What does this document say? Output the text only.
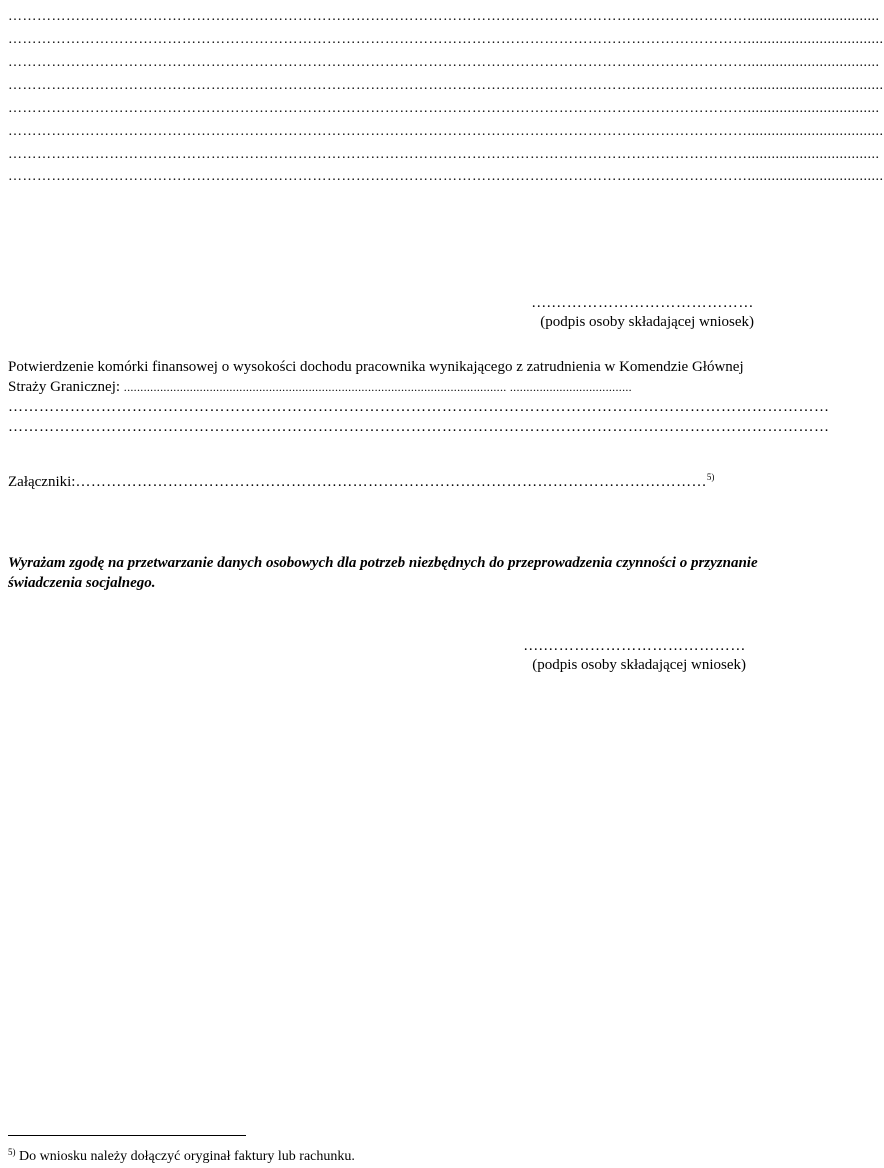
……………………………………………………………………………………………………………………………………….................................
………………………………………………………………………………………………………………………………………..................................
……………………………………………………………………………………………………………………………………….................................
………………………………………………………………………………………………………………………………………..................................
……………………………………………………………………………………………………………………………………….................................
………………………………………………………………………………………………………………………………………..................................
……………………………………………………………………………………………………………………………………….................................
………………………………………………………………………………………………………………………………………..................................
….…………………………………
(podpis osoby składającej wniosek)
Potwierdzenie komórki finansowej o wysokości dochodu pracownika wynikającego z zatrudnienia w Komendzie Głównej Straży Granicznej: .................................................................................................................... .....................................
……………………………………………………………………………………………………………………………………………
……………………………………………………………………………………………………………………………………………
Załączniki:……………………………………………………………………………………………………………$^{5)}$
Wyrażam zgodę na przetwarzanie danych osobowych dla potrzeb niezbędnych do przeprowadzenia czynności o przyznanie świadczenia socjalnego.
….…………………………………
(podpis osoby składającej wniosek)
$^{5)}$ Do wniosku należy dołączyć oryginał faktury lub rachunku.
